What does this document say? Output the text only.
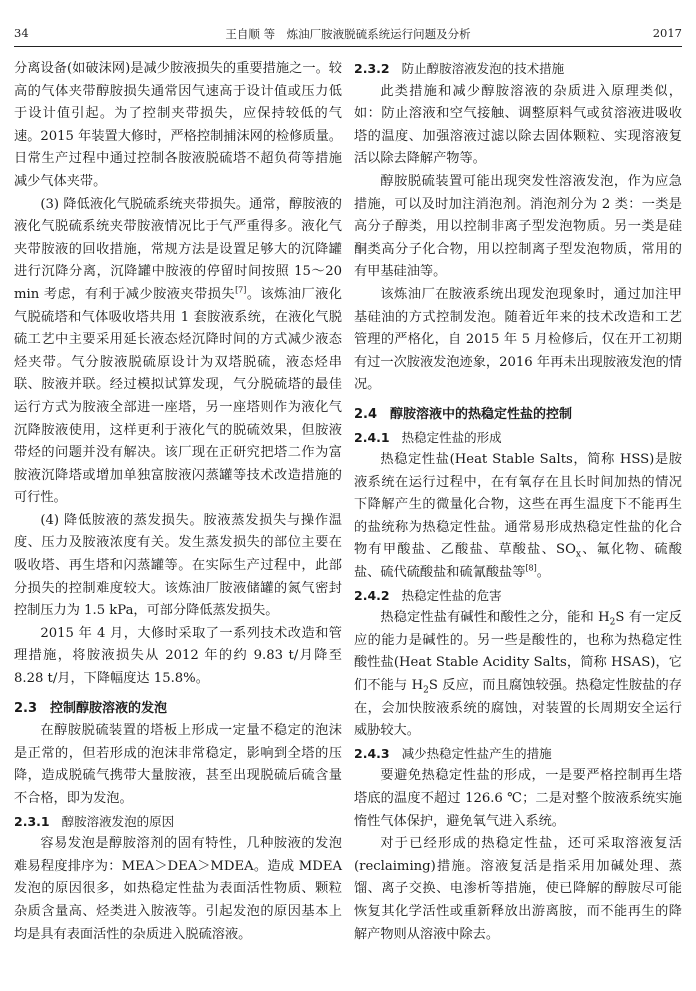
34	王自顺 等　炼油厂胺液脱硫系统运行问题及分析	2017

分离设备(如破沫网)是减少胺液损失的重要措施之一。较高的气体夹带醇胺损失通常因气速高于设计值或压力低于设计值引起。为了控制夹带损失，应保持较低的气速。2015 年装置大修时，严格控制捕沫网的检修质量。日常生产过程中通过控制各胺液脱硫塔不超负荷等措施减少气体夹带。

(3) 降低液化气脱硫系统夹带损失。通常，醇胺液的液化气脱硫系统夹带胺液情况比于气严重得多。液化气夹带胺液的回收措施，常规方法是设置足够大的沉降罐进行沉降分离，沉降罐中胺液的停留时间按照 15～20 min 考虑，有利于减少胺液夹带损失[7]。该炼油厂液化气脱硫塔和气体吸收塔共用 1 套胺液系统，在液化气脱硫工艺中主要采用延长液态烃沉降时间的方式减少液态烃夹带。气分胺液脱硫原设计为双塔脱硫，液态烃串联、胺液并联。经过模拟试算发现，气分脱硫塔的最佳运行方式为胺液全部进一座塔，另一座塔则作为液化气沉降胺液使用，这样更利于液化气的脱硫效果，但胺液带烃的问题并没有解决。该厂现在正研究把塔二作为富胺液沉降塔或增加单独富胺液闪蒸罐等技术改造措施的可行性。

(4) 降低胺液的蒸发损失。胺液蒸发损失与操作温度、压力及胺液浓度有关。发生蒸发损失的部位主要在吸收塔、再生塔和闪蒸罐等。在实际生产过程中，此部分损失的控制难度较大。该炼油厂胺液储罐的氮气密封控制压力为 1.5 kPa，可部分降低蒸发损失。

2015 年 4 月，大修时采取了一系列技术改造和管理措施，将胺液损失从 2012 年的约 9.83 t/月降至 8.28 t/月，下降幅度达 15.8%。

2.3　控制醇胺溶液的发泡

在醇胺脱硫装置的塔板上形成一定量不稳定的泡沫是正常的，但若形成的泡沫非常稳定，影响到全塔的压降，造成脱硫气携带大量胺液，甚至出现脱硫后硫含量不合格，即为发泡。

2.3.1 醇胺溶液发泡的原因

容易发泡是醇胺溶剂的固有特性，几种胺液的发泡难易程度排序为：MEA＞DEA＞MDEA。造成 MDEA 发泡的原因很多，如热稳定性盐为表面活性物质、颗粒杂质含量高、烃类进入胺液等。引起发泡的原因基本上均是具有表面活性的杂质进入脱硫溶液。

2.3.2 防止醇胺溶液发泡的技术措施

此类措施和减少醇胺溶液的杂质进入原理类似，如：防止溶液和空气接触、调整原料气或贫溶液进吸收塔的温度、加强溶液过滤以除去固体颗粒、实现溶液复活以除去降解产物等。

醇胺脱硫装置可能出现突发性溶液发泡，作为应急措施，可以及时加注消泡剂。消泡剂分为 2 类：一类是高分子醇类，用以控制非离子型发泡物质。另一类是硅酮类高分子化合物，用以控制离子型发泡物质，常用的有甲基硅油等。

该炼油厂在胺液系统出现发泡现象时，通过加注甲基硅油的方式控制发泡。随着近年来的技术改造和工艺管理的严格化，自 2015 年 5 月检修后，仅在开工初期有过一次胺液发泡迹象，2016 年再未出现胺液发泡的情况。

2.4　醇胺溶液中的热稳定性盐的控制
2.4.1 热稳定性盐的形成

热稳定性盐(Heat Stable Salts，简称 HSS)是胺液系统在运行过程中，在有氧存在且长时间加热的情况下降解产生的微量化合物，这些在再生温度下不能再生的盐统称为热稳定性盐。通常易形成热稳定性盐的化合物有甲酸盐、乙酸盐、草酸盐、$SO_x$、氟化物、硫酸盐、硫代硫酸盐和硫氰酸盐等[8]。

2.4.2 热稳定性盐的危害

热稳定性盐有碱性和酸性之分，能和 $H_2S$ 有一定反应的能力是碱性的。另一些是酸性的，也称为热稳定性酸性盐(Heat Stable Acidity Salts，简称 HSAS)，它们不能与 $H_2S$ 反应，而且腐蚀较强。热稳定性胺盐的存在，会加快胺液系统的腐蚀，对装置的长周期安全运行威胁较大。

2.4.3 减少热稳定性盐产生的措施

要避免热稳定性盐的形成，一是要严格控制再生塔塔底的温度不超过 126.6 ℃；二是对整个胺液系统实施惰性气体保护，避免氧气进入系统。

对于已经形成的热稳定性盐，还可采取溶液复活(reclaiming)措施。溶液复活是指采用加碱处理、蒸馏、离子交换、电渗析等措施，使已降解的醇胺尽可能恢复其化学活性或重新释放出游离胺，而不能再生的降解产物则从溶液中除去。
